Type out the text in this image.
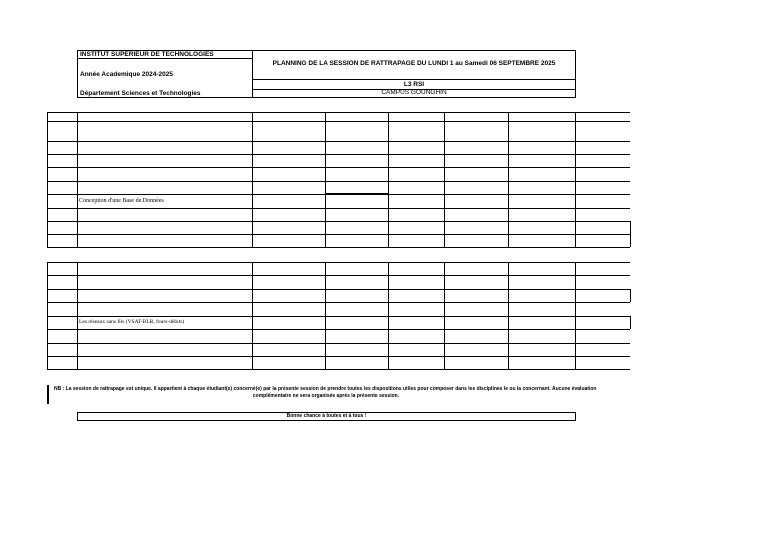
INSTITUT SUPERIEUR DE TECHNOLOGIES
Année Academique 2024-2025
Département Sciences et Technologies
PLANNING DE LA SESSION DE RATTRAPAGE DU LUNDI 1 au Samedi 06 SEPTEMBRE 2025
L3 RSI
CAMPUS GOUNGHIN
Conception d'une Base de Données
Les réseaux sans fils (VSAT-BLR, fours-débits)
NB : La session de rattrapage est unique. Il appartient à chaque étudiant(e) concerné(e) par la présente session de prendre toutes les dispositions utiles pour composer dans les disciplines le ou la concernant. Aucune évaluation
complémentaire ne sera organisée après la présente session.
Bonne chance à toutes et à tous !
